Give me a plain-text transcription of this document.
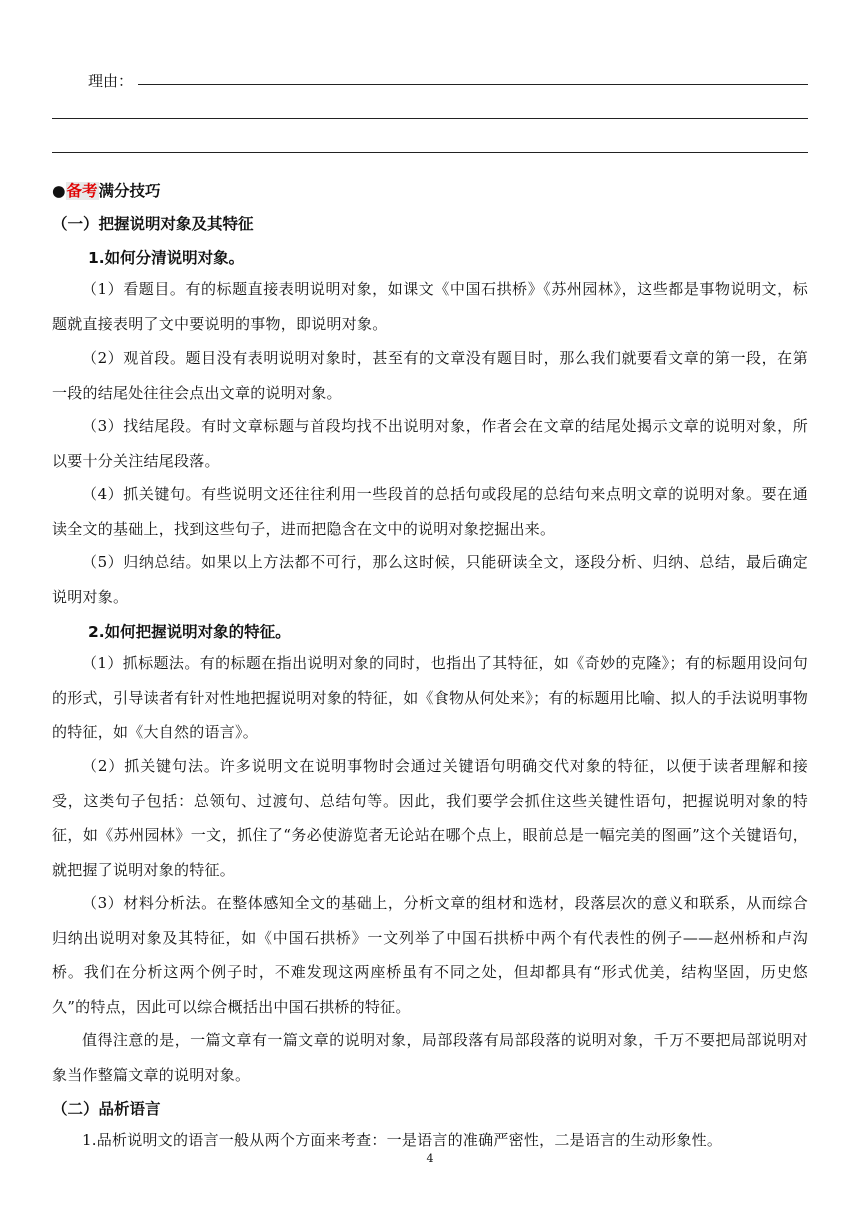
理由：
●备考满分技巧
（一）把握说明对象及其特征
1.如何分清说明对象。

（1）看题目。有的标题直接表明说明对象，如课文《中国石拱桥》《苏州园林》，这些都是事物说明文，标题就直接表明了文中要说明的事物，即说明对象。

（2）观首段。题目没有表明说明对象时，甚至有的文章没有题目时，那么我们就要看文章的第一段，在第一段的结尾处往往会点出文章的说明对象。

（3）找结尾段。有时文章标题与首段均找不出说明对象，作者会在文章的结尾处揭示文章的说明对象，所以要十分关注结尾段落。

（4）抓关键句。有些说明文还往往利用一些段首的总括句或段尾的总结句来点明文章的说明对象。要在通读全文的基础上，找到这些句子，进而把隐含在文中的说明对象挖掘出来。

（5）归纳总结。如果以上方法都不可行，那么这时候，只能研读全文，逐段分析、归纳、总结，最后确定说明对象。

2.如何把握说明对象的特征。

（1）抓标题法。有的标题在指出说明对象的同时，也指出了其特征，如《奇妙的克隆》；有的标题用设问句的形式，引导读者有针对性地把握说明对象的特征，如《食物从何处来》；有的标题用比喻、拟人的手法说明事物的特征，如《大自然的语言》。

（2）抓关键句法。许多说明文在说明事物时会通过关键语句明确交代对象的特征，以便于读者理解和接受，这类句子包括：总领句、过渡句、总结句等。因此，我们要学会抓住这些关键性语句，把握说明对象的特征，如《苏州园林》一文，抓住了“务必使游览者无论站在哪个点上，眼前总是一幅完美的图画”这个关键语句，就把握了说明对象的特征。

（3）材料分析法。在整体感知全文的基础上，分析文章的组材和选材，段落层次的意义和联系，从而综合归纳出说明对象及其特征，如《中国石拱桥》一文列举了中国石拱桥中两个有代表性的例子——赵州桥和卢沟桥。我们在分析这两个例子时，不难发现这两座桥虽有不同之处，但却都具有“形式优美，结构坚固，历史悠久”的特点，因此可以综合概括出中国石拱桥的特征。

值得注意的是，一篇文章有一篇文章的说明对象，局部段落有局部段落的说明对象，千万不要把局部说明对象当作整篇文章的说明对象。

（二）品析语言

1.品析说明文的语言一般从两个方面来考查：一是语言的准确严密性，二是语言的生动形象性。

4
